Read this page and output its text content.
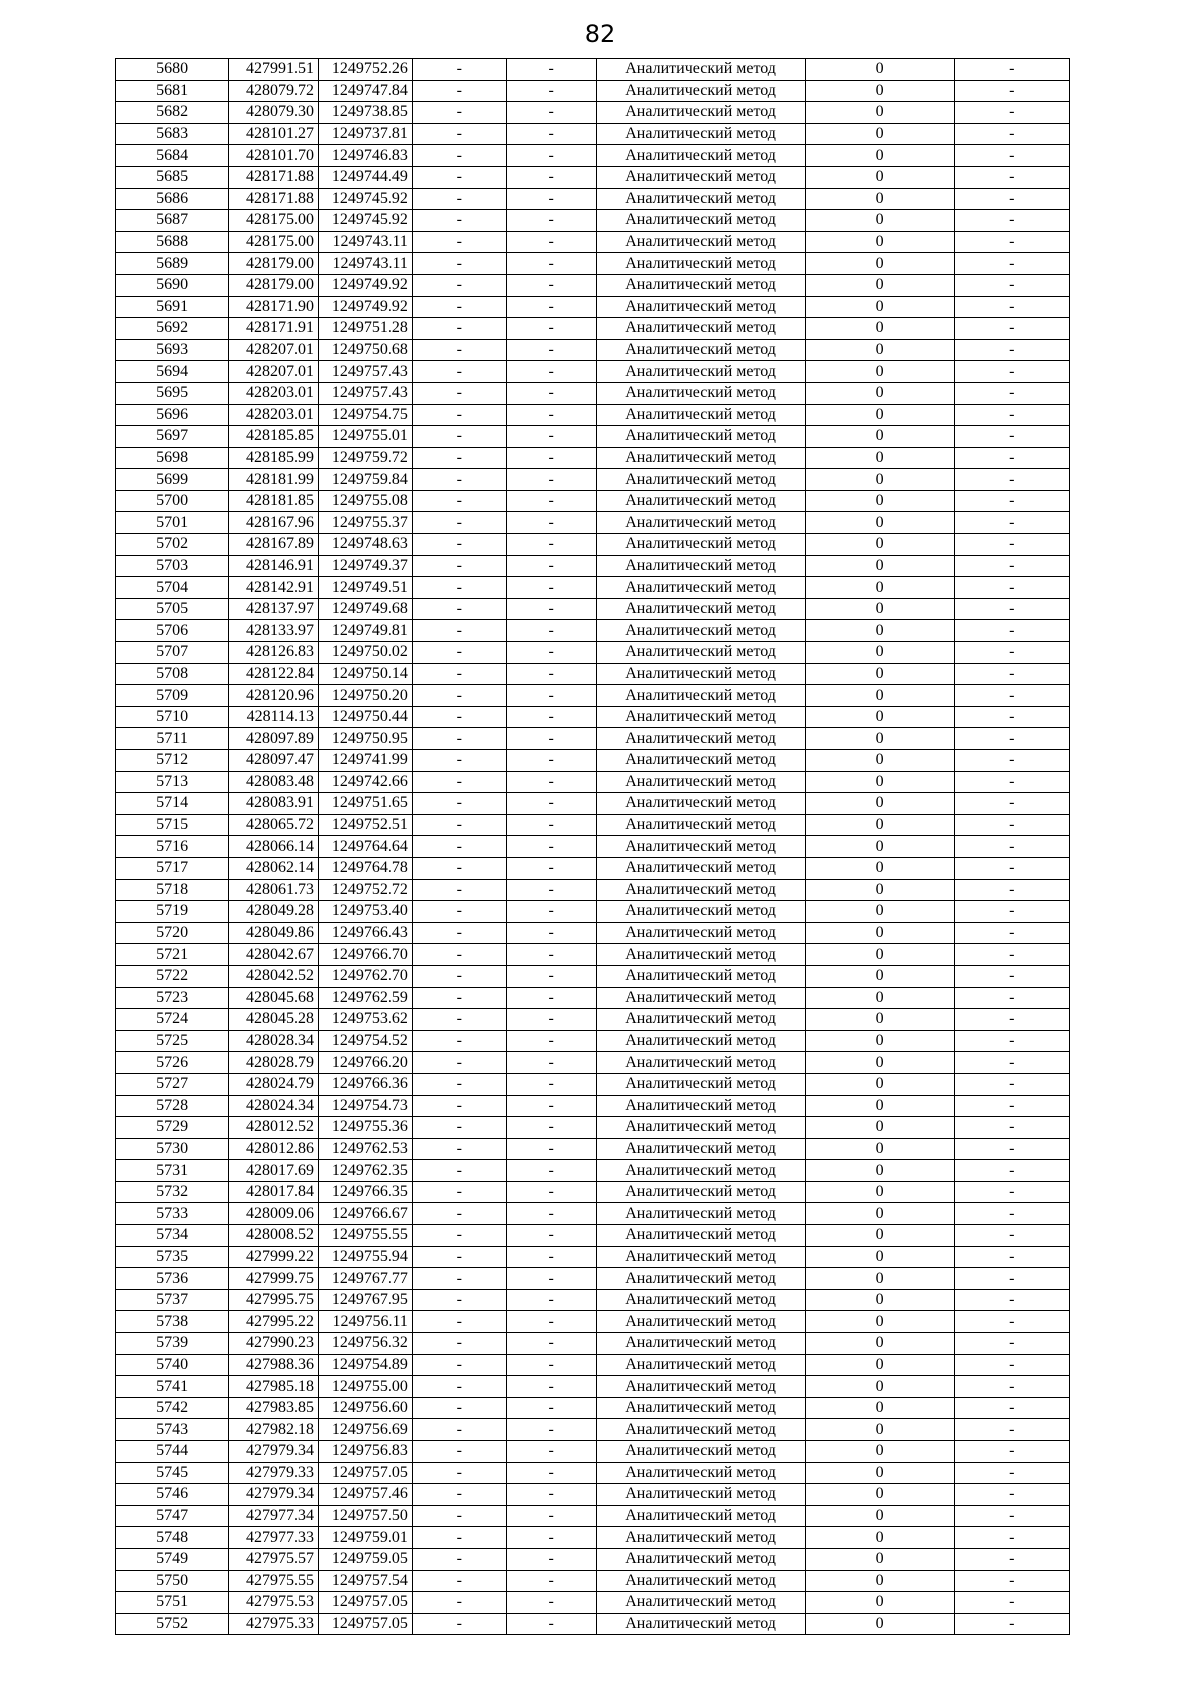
82
5680	427991.51	1249752.26	-	-	Аналитический метод	0	-
5681	428079.72	1249747.84	-	-	Аналитический метод	0	-
5682	428079.30	1249738.85	-	-	Аналитический метод	0	-
5683	428101.27	1249737.81	-	-	Аналитический метод	0	-
5684	428101.70	1249746.83	-	-	Аналитический метод	0	-
5685	428171.88	1249744.49	-	-	Аналитический метод	0	-
5686	428171.88	1249745.92	-	-	Аналитический метод	0	-
5687	428175.00	1249745.92	-	-	Аналитический метод	0	-
5688	428175.00	1249743.11	-	-	Аналитический метод	0	-
5689	428179.00	1249743.11	-	-	Аналитический метод	0	-
5690	428179.00	1249749.92	-	-	Аналитический метод	0	-
5691	428171.90	1249749.92	-	-	Аналитический метод	0	-
5692	428171.91	1249751.28	-	-	Аналитический метод	0	-
5693	428207.01	1249750.68	-	-	Аналитический метод	0	-
5694	428207.01	1249757.43	-	-	Аналитический метод	0	-
5695	428203.01	1249757.43	-	-	Аналитический метод	0	-
5696	428203.01	1249754.75	-	-	Аналитический метод	0	-
5697	428185.85	1249755.01	-	-	Аналитический метод	0	-
5698	428185.99	1249759.72	-	-	Аналитический метод	0	-
5699	428181.99	1249759.84	-	-	Аналитический метод	0	-
5700	428181.85	1249755.08	-	-	Аналитический метод	0	-
5701	428167.96	1249755.37	-	-	Аналитический метод	0	-
5702	428167.89	1249748.63	-	-	Аналитический метод	0	-
5703	428146.91	1249749.37	-	-	Аналитический метод	0	-
5704	428142.91	1249749.51	-	-	Аналитический метод	0	-
5705	428137.97	1249749.68	-	-	Аналитический метод	0	-
5706	428133.97	1249749.81	-	-	Аналитический метод	0	-
5707	428126.83	1249750.02	-	-	Аналитический метод	0	-
5708	428122.84	1249750.14	-	-	Аналитический метод	0	-
5709	428120.96	1249750.20	-	-	Аналитический метод	0	-
5710	428114.13	1249750.44	-	-	Аналитический метод	0	-
5711	428097.89	1249750.95	-	-	Аналитический метод	0	-
5712	428097.47	1249741.99	-	-	Аналитический метод	0	-
5713	428083.48	1249742.66	-	-	Аналитический метод	0	-
5714	428083.91	1249751.65	-	-	Аналитический метод	0	-
5715	428065.72	1249752.51	-	-	Аналитический метод	0	-
5716	428066.14	1249764.64	-	-	Аналитический метод	0	-
5717	428062.14	1249764.78	-	-	Аналитический метод	0	-
5718	428061.73	1249752.72	-	-	Аналитический метод	0	-
5719	428049.28	1249753.40	-	-	Аналитический метод	0	-
5720	428049.86	1249766.43	-	-	Аналитический метод	0	-
5721	428042.67	1249766.70	-	-	Аналитический метод	0	-
5722	428042.52	1249762.70	-	-	Аналитический метод	0	-
5723	428045.68	1249762.59	-	-	Аналитический метод	0	-
5724	428045.28	1249753.62	-	-	Аналитический метод	0	-
5725	428028.34	1249754.52	-	-	Аналитический метод	0	-
5726	428028.79	1249766.20	-	-	Аналитический метод	0	-
5727	428024.79	1249766.36	-	-	Аналитический метод	0	-
5728	428024.34	1249754.73	-	-	Аналитический метод	0	-
5729	428012.52	1249755.36	-	-	Аналитический метод	0	-
5730	428012.86	1249762.53	-	-	Аналитический метод	0	-
5731	428017.69	1249762.35	-	-	Аналитический метод	0	-
5732	428017.84	1249766.35	-	-	Аналитический метод	0	-
5733	428009.06	1249766.67	-	-	Аналитический метод	0	-
5734	428008.52	1249755.55	-	-	Аналитический метод	0	-
5735	427999.22	1249755.94	-	-	Аналитический метод	0	-
5736	427999.75	1249767.77	-	-	Аналитический метод	0	-
5737	427995.75	1249767.95	-	-	Аналитический метод	0	-
5738	427995.22	1249756.11	-	-	Аналитический метод	0	-
5739	427990.23	1249756.32	-	-	Аналитический метод	0	-
5740	427988.36	1249754.89	-	-	Аналитический метод	0	-
5741	427985.18	1249755.00	-	-	Аналитический метод	0	-
5742	427983.85	1249756.60	-	-	Аналитический метод	0	-
5743	427982.18	1249756.69	-	-	Аналитический метод	0	-
5744	427979.34	1249756.83	-	-	Аналитический метод	0	-
5745	427979.33	1249757.05	-	-	Аналитический метод	0	-
5746	427979.34	1249757.46	-	-	Аналитический метод	0	-
5747	427977.34	1249757.50	-	-	Аналитический метод	0	-
5748	427977.33	1249759.01	-	-	Аналитический метод	0	-
5749	427975.57	1249759.05	-	-	Аналитический метод	0	-
5750	427975.55	1249757.54	-	-	Аналитический метод	0	-
5751	427975.53	1249757.05	-	-	Аналитический метод	0	-
5752	427975.33	1249757.05	-	-	Аналитический метод	0	-
